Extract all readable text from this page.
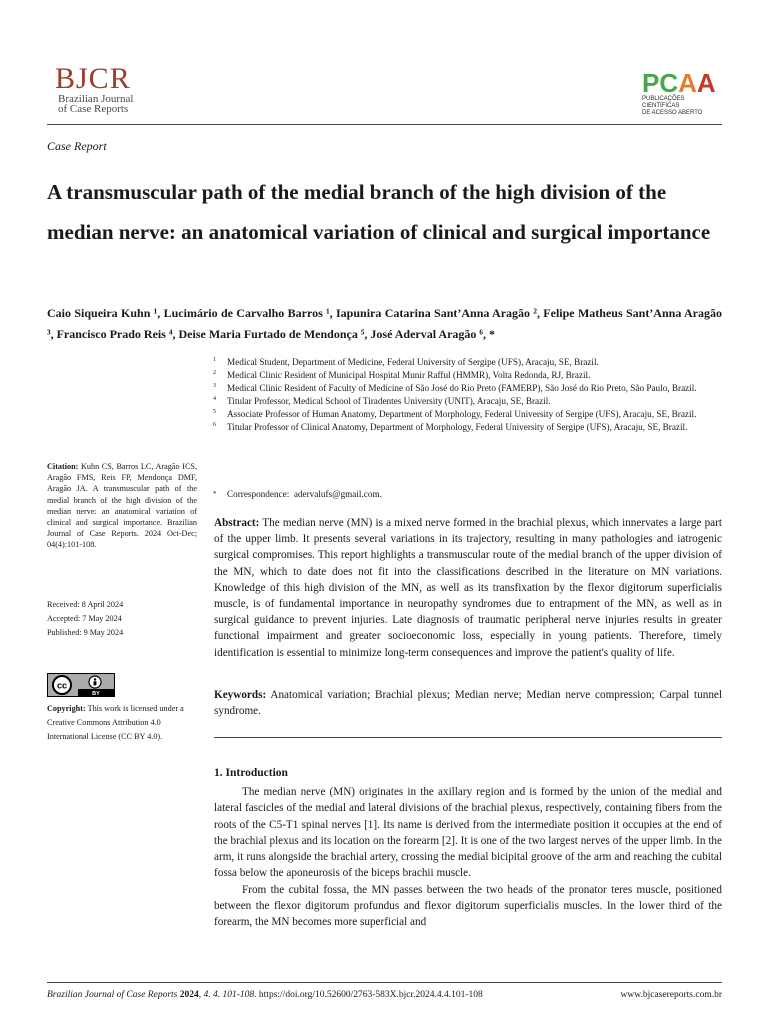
BJCR
Brazilian Journal
of Case Reports
PCAA
PUBLICAÇÕES CIENTÍFICAS
DE ACESSO ABERTO
Case Report
A transmuscular path of the medial branch of the high division of the median nerve: an anatomical variation of clinical and surgical importance
Caio Siqueira Kuhn ¹, Lucimário de Carvalho Barros ¹, Iapunira Catarina Sant’Anna Aragão ², Felipe Matheus Sant’Anna Aragão ³, Francisco Prado Reis ⁴, Deise Maria Furtado de Mendonça ⁵, José Aderval Aragão ⁶, *
1 Medical Student, Department of Medicine, Federal University of Sergipe (UFS), Aracaju, SE, Brazil.
2 Medical Clinic Resident of Municipal Hospital Munir Rafful (HMMR), Volta Redonda, RJ, Brazil.
3 Medical Clinic Resident of Faculty of Medicine of São José do Rio Preto (FAMERP), São José do Rio Preto, São Paulo, Brazil.
4 Titular Professor, Medical School of Tiradentes University (UNIT), Aracaju, SE, Brazil.
5 Associate Professor of Human Anatomy, Department of Morphology, Federal University of Sergipe (UFS), Aracaju, SE, Brazil.
6 Titular Professor of Clinical Anatomy, Department of Morphology, Federal University of Sergipe (UFS), Aracaju, SE, Brazil.
* Correspondence: adervalufs@gmail.com.
Citation: Kuhn CS, Barros LC, Aragão ICS, Aragão FMS, Reis FP, Mendonça DMF, Aragão JA. A transmuscular path of the medial branch of the high division of the median nerve: an anatomical variation of clinical and surgical importance. Brazilian Journal of Case Reports. 2024 Oct-Dec; 04(4):101-108.
Received: 8 April 2024
Accepted: 7 May 2024
Published: 9 May 2024
cc
BY
Copyright: This work is licensed under a Creative Commons Attribution 4.0 International License (CC BY 4.0).
Abstract: The median nerve (MN) is a mixed nerve formed in the brachial plexus, which innervates a large part of the upper limb. It presents several variations in its trajectory, resulting in many pathologies and iatrogenic surgical compromises. This report highlights a transmuscular route of the medial branch of the upper division of the MN, which to date does not fit into the classifications described in the literature on MN variations. Knowledge of this high division of the MN, as well as its transfixation by the flexor digitorum superficialis muscle, is of fundamental importance in neuropathy syndromes due to entrapment of the MN, as well as in surgical guidance to prevent injuries. Late diagnosis of traumatic peripheral nerve injuries results in greater functional impairment and greater socioeconomic loss, especially in young patients. Therefore, timely identification is essential to minimize long-term consequences and improve the patient's quality of life.
Keywords: Anatomical variation; Brachial plexus; Median nerve; Median nerve compression; Carpal tunnel syndrome.
1. Introduction

The median nerve (MN) originates in the axillary region and is formed by the union of the medial and lateral fascicles of the medial and lateral divisions of the brachial plexus, respectively, containing fibers from the roots of the C5-T1 spinal nerves [1]. Its name is derived from the intermediate position it occupies at the end of the brachial plexus and its location on the forearm [2]. It is one of the two largest nerves of the upper limb. In the arm, it runs alongside the brachial artery, crossing the medial bicipital groove of the arm and reaching the cubital fossa below the aponeurosis of the biceps brachii muscle.

From the cubital fossa, the MN passes between the two heads of the pronator teres muscle, positioned between the flexor digitorum profundus and flexor digitorum superficialis muscles. In the lower third of the forearm, the MN becomes more superficial and

Brazilian Journal of Case Reports 2024, 4. 4. 101-108. https://doi.org/10.52600/2763-583X.bjcr.2024.4.4.101-108	www.bjcasereports.com.br
